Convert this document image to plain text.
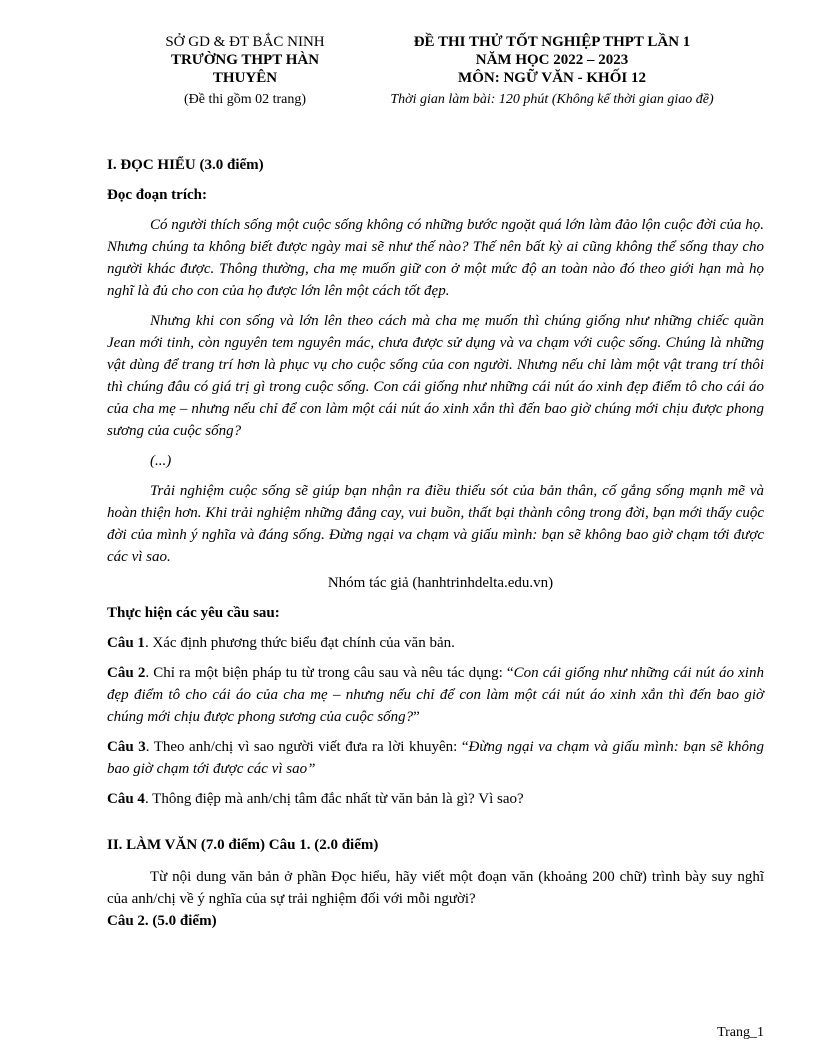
SỞ GD & ĐT BẮC NINH
TRƯỜNG THPT HÀN
THUYÊN
(Đề thi gồm 02 trang)
ĐỀ THI THỬ TỐT NGHIỆP THPT LẦN 1
NĂM HỌC 2022 – 2023
MÔN: NGỮ VĂN - KHỐI 12
Thời gian làm bài: 120 phút (Không kể thời gian giao đề)

I. ĐỌC HIỂU (3.0 điểm)

Đọc đoạn trích:

Có người thích sống một cuộc sống không có những bước ngoặt quá lớn làm đảo lộn cuộc đời của họ. Nhưng chúng ta không biết được ngày mai sẽ như thế nào? Thế nên bất kỳ ai cũng không thể sống thay cho người khác được. Thông thường, cha mẹ muốn giữ con ở một mức độ an toàn nào đó theo giới hạn mà họ nghĩ là đủ cho con của họ được lớn lên một cách tốt đẹp.

Nhưng khi con sống và lớn lên theo cách mà cha mẹ muốn thì chúng giống như những chiếc quần Jean mới tinh, còn nguyên tem nguyên mác, chưa được sử dụng và va chạm với cuộc sống. Chúng là những vật dùng để trang trí hơn là phục vụ cho cuộc sống của con người. Nhưng nếu chỉ làm một vật trang trí thôi thì chúng đâu có giá trị gì trong cuộc sống. Con cái giống như những cái nút áo xinh đẹp điểm tô cho cái áo của cha mẹ – nhưng nếu chỉ để con làm một cái nút áo xinh xắn thì đến bao giờ chúng mới chịu được phong sương của cuộc sống?

(...)

Trải nghiệm cuộc sống sẽ giúp bạn nhận ra điều thiếu sót của bản thân, cố gắng sống mạnh mẽ và hoàn thiện hơn. Khi trải nghiệm những đắng cay, vui buồn, thất bại thành công trong đời, bạn mới thấy cuộc đời của mình ý nghĩa và đáng sống. Đừng ngại va chạm và giấu mình: bạn sẽ không bao giờ chạm tới được các vì sao.

Nhóm tác giả (hanhtrinhdelta.edu.vn)

Thực hiện các yêu cầu sau:

Câu 1. Xác định phương thức biểu đạt chính của văn bản.

Câu 2. Chỉ ra một biện pháp tu từ trong câu sau và nêu tác dụng: “Con cái giống như những cái nút áo xinh đẹp điểm tô cho cái áo của cha mẹ – nhưng nếu chỉ để con làm một cái nút áo xinh xắn thì đến bao giờ chúng mới chịu được phong sương của cuộc sống?”

Câu 3. Theo anh/chị vì sao người viết đưa ra lời khuyên: “Đừng ngại va chạm và giấu mình: bạn sẽ không bao giờ chạm tới được các vì sao”

Câu 4. Thông điệp mà anh/chị tâm đắc nhất từ văn bản là gì? Vì sao?

II. LÀM VĂN (7.0 điểm) Câu 1. (2.0 điểm)

Từ nội dung văn bản ở phần Đọc hiểu, hãy viết một đoạn văn (khoảng 200 chữ) trình bày suy nghĩ của anh/chị về ý nghĩa của sự trải nghiệm đối với mỗi người?

Câu 2. (5.0 điểm)

Trang_1
